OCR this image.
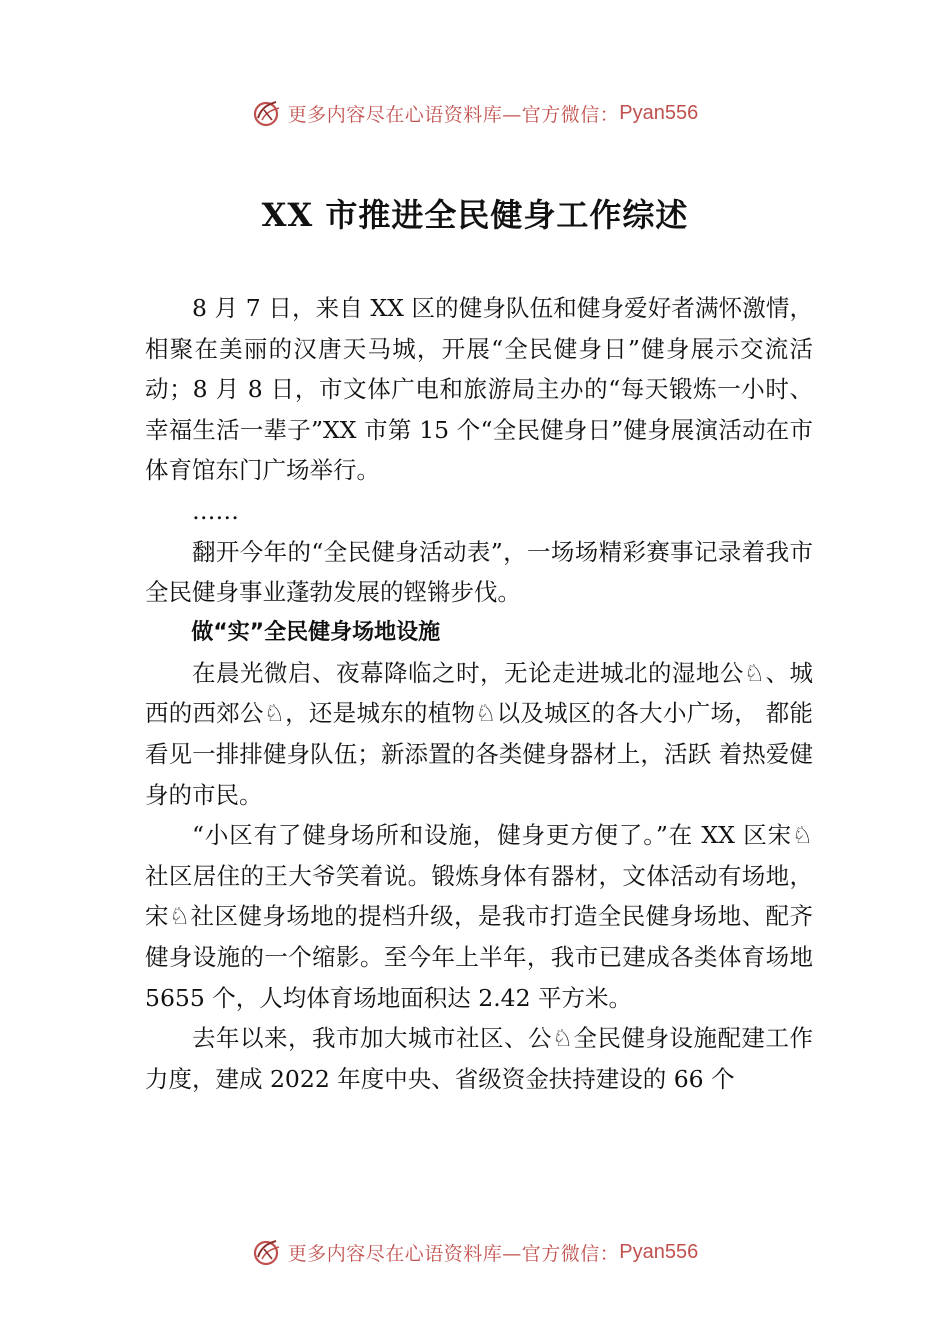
更多内容尽在心语资料库—官方微信： Pyan556
XX 市推进全民健身工作综述

8 月 7 日，来自 XX 区的健身队伍和健身爱好者满怀激情，相聚在美丽的汉唐天马城，开展“全民健身日”健身展示交流活动；8 月 8 日，市文体广电和旅游局主办的“每天锻炼一小时、幸福生活一辈子”XX 市第 15 个“全民健身日”健身展演活动在市体育馆东门广场举行。

……

翻开今年的“全民健身活动表”，一场场精彩赛事记录着我市全民健身事业蓬勃发展的铿锵步伐。

做“实”全民健身场地设施

在晨光微启、夜幕降临之时，无论走进城北的湿地公♘、城西的西郊公♘，还是城东的植物♘以及城区的各大小广场， 都能看见一排排健身队伍；新添置的各类健身器材上，活跃 着热爱健身的市民。

“小区有了健身场所和设施，健身更方便了。”在 XX 区宋♘社区居住的王大爷笑着说。锻炼身体有器材，文体活动有场地，宋♘社区健身场地的提档升级，是我市打造全民健身场地、配齐健身设施的一个缩影。至今年上半年，我市已建成各类体育场地 5655 个，人均体育场地面积达 2.42 平方米。

去年以来，我市加大城市社区、公♘全民健身设施配建工作力度，建成 2022 年度中央、省级资金扶持建设的 66 个

更多内容尽在心语资料库—官方微信： Pyan556
